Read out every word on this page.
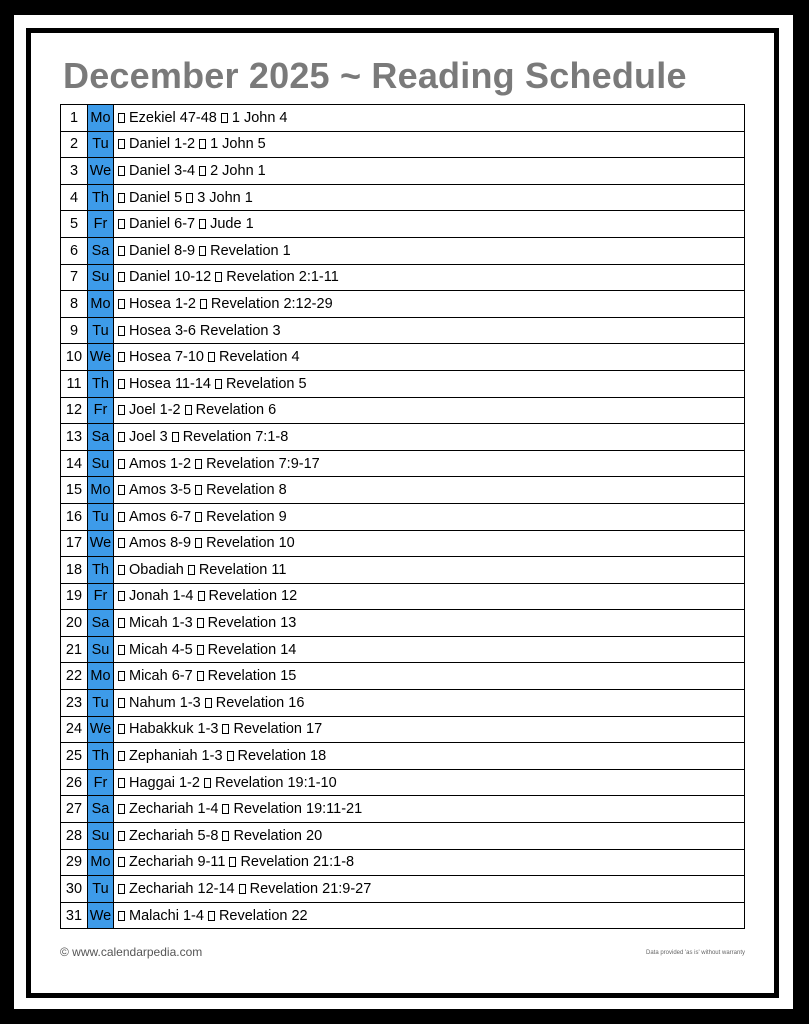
December 2025 ~ Reading Schedule
1	Mo	Ezekiel 47-48 1 John 4
2	Tu	Daniel 1-2 1 John 5
3	We	Daniel 3-4 2 John 1
4	Th	Daniel 5 3 John 1
5	Fr	Daniel 6-7 Jude 1
6	Sa	Daniel 8-9 Revelation 1
7	Su	Daniel 10-12 Revelation 2:1-11
8	Mo	Hosea 1-2 Revelation 2:12-29
9	Tu	Hosea 3-6 Revelation 3
10	We	Hosea 7-10 Revelation 4
11	Th	Hosea 11-14 Revelation 5
12	Fr	Joel 1-2 Revelation 6
13	Sa	Joel 3 Revelation 7:1-8
14	Su	Amos 1-2 Revelation 7:9-17
15	Mo	Amos 3-5 Revelation 8
16	Tu	Amos 6-7 Revelation 9
17	We	Amos 8-9 Revelation 10
18	Th	Obadiah Revelation 11
19	Fr	Jonah 1-4 Revelation 12
20	Sa	Micah 1-3 Revelation 13
21	Su	Micah 4-5 Revelation 14
22	Mo	Micah 6-7 Revelation 15
23	Tu	Nahum 1-3 Revelation 16
24	We	Habakkuk 1-3 Revelation 17
25	Th	Zephaniah 1-3 Revelation 18
26	Fr	Haggai 1-2 Revelation 19:1-10
27	Sa	Zechariah 1-4 Revelation 19:11-21
28	Su	Zechariah 5-8 Revelation 20
29	Mo	Zechariah 9-11 Revelation 21:1-8
30	Tu	Zechariah 12-14 Revelation 21:9-27
31	We	Malachi 1-4 Revelation 22
© www.calendarpedia.com	Data provided 'as is' without warranty
